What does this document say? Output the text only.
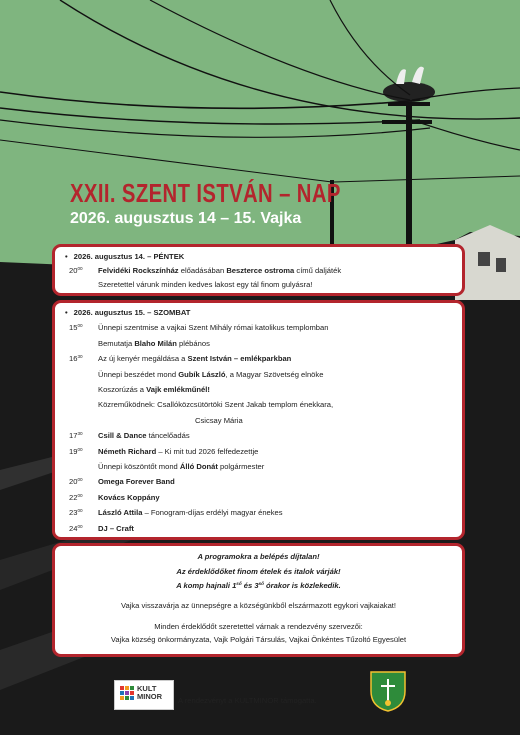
XXII. SZENT ISTVÁN – NAP
2026. augusztus 14 – 15. Vajka
• 2026. augusztus 14. – PÉNTEK
$20^{00}$ Felvidéki Rockszínház előadásában Beszterce ostroma című daljáték
Szeretettel várunk minden kedves lakost egy tál finom gulyásra!
• 2026. augusztus 15. – SZOMBAT
$15^{00}$ Ünnepi szentmise a vajkai Szent Mihály római katolikus templomban
Bemutatja Blaho Milán plébános
$16^{30}$ Az új kenyér megáldása a Szent István – emlékparkban
Ünnepi beszédet mond Gubík László, a Magyar Szövetség elnöke
Koszorúzás a Vajk emlékműnél!
Közreműködnek: Csallóközcsütörtöki Szent Jakab templom énekkara,
Csicsay Mária
$17^{30}$ Csill & Dance táncelőadás
$19^{00}$ Németh Richard – Ki mit tud 2026 felfedezettje
Ünnepi köszöntőt mond Álló Donát polgármester
$20^{00}$ Omega Forever Band
$22^{00}$ Kovács Koppány
$23^{00}$ László Attila – Fonogram-díjas erdélyi magyar énekes
$24^{00}$ DJ – Craft
A programokra a belépés díjtalan!
Az érdeklődőket finom ételek és italok várják!
A komp hajnali $1^{ső}$ és $3^{ső}$ órakor is közlekedik.
Vajka visszavárja az ünnepségre a községünkből elszármazott egykori vajkaiakat!
Minden érdeklődőt szeretettel várnak a rendezvény szervezői:
Vajka község önkormányzata, Vajk Polgári Társulás, Vajkai Önkéntes Tűzoltó Egyesület
KULT
MINOR A rendezvényt a KULTMINOR támogatta.
